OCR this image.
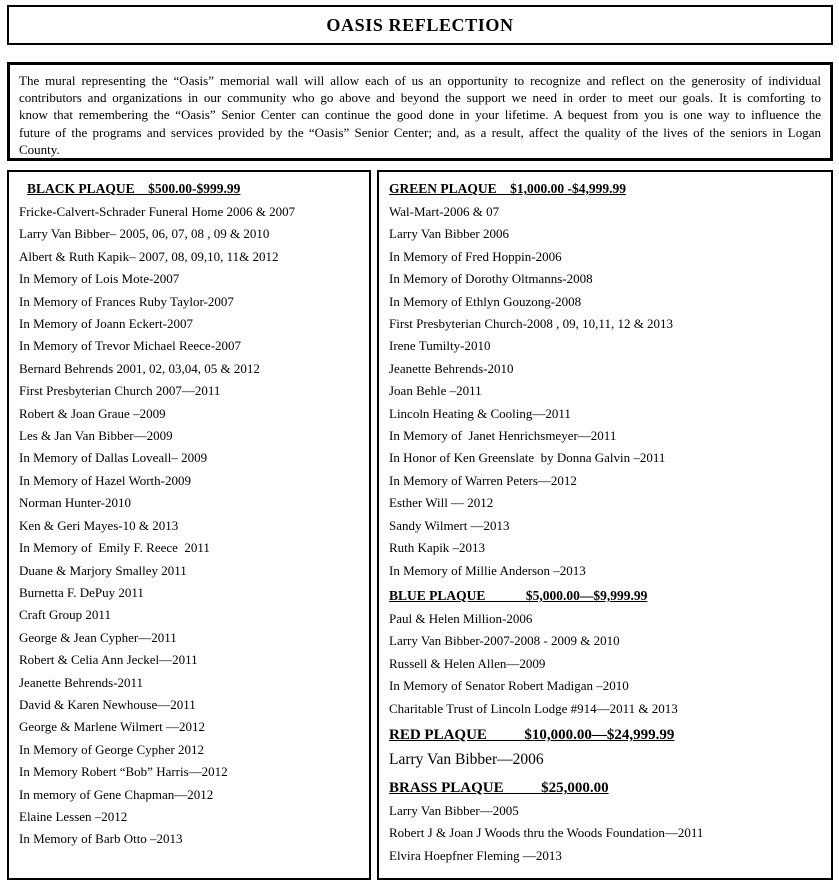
OASIS REFLECTION

The mural representing the “Oasis” memorial wall will allow each of us an opportunity to recognize and reflect on the generosity of individual contributors and organizations in our community who go above and beyond the support we need in order to meet our goals. It is comforting to know that remembering the “Oasis” Senior Center can continue the good done in your lifetime. A bequest from you is one way to influence the future of the programs and services provided by the “Oasis” Senior Center; and, as a result, affect the quality of the lives of the seniors in Logan County.

BLACK PLAQUE    $500.00-$999.99
Fricke-Calvert-Schrader Funeral Home 2006 & 2007
Larry Van Bibber– 2005, 06, 07, 08 , 09 & 2010
Albert & Ruth Kapik– 2007, 08, 09,10, 11& 2012
In Memory of Lois Mote-2007
In Memory of Frances Ruby Taylor-2007
In Memory of Joann Eckert-2007
In Memory of Trevor Michael Reece-2007
Bernard Behrends 2001, 02, 03,04, 05 & 2012
First Presbyterian Church 2007—2011
Robert & Joan Graue –2009
Les & Jan Van Bibber—2009
In Memory of Dallas Loveall– 2009
In Memory of Hazel Worth-2009
Norman Hunter-2010
Ken & Geri Mayes-10 & 2013
In Memory of  Emily F. Reece  2011
Duane & Marjory Smalley 2011
Burnetta F. DePuy 2011
Craft Group 2011
George & Jean Cypher—2011
Robert & Celia Ann Jeckel—2011
Jeanette Behrends-2011
David & Karen Newhouse—2011
George & Marlene Wilmert —2012
In Memory of George Cypher 2012
In Memory Robert “Bob” Harris—2012
In memory of Gene Chapman—2012
Elaine Lessen –2012
In Memory of Barb Otto –2013
GREEN PLAQUE    $1,000.00 -$4,999.99
Wal-Mart-2006 & 07
Larry Van Bibber 2006
In Memory of Fred Hoppin-2006
In Memory of Dorothy Oltmanns-2008
In Memory of Ethlyn Gouzong-2008
First Presbyterian Church-2008 , 09, 10,11, 12 & 2013
Irene Tumilty-2010
Jeanette Behrends-2010
Joan Behle –2011
Lincoln Heating & Cooling—2011
In Memory of  Janet Henrichsmeyer—2011
In Honor of Ken Greenslate  by Donna Galvin –2011
In Memory of Warren Peters—2012
Esther Will — 2012
Sandy Wilmert —2013
Ruth Kapik –2013
In Memory of Millie Anderson –2013
BLUE PLAQUE            $5,000.00—$9,999.99
Paul & Helen Million-2006
Larry Van Bibber-2007-2008 - 2009 & 2010
Russell & Helen Allen—2009
In Memory of Senator Robert Madigan –2010
Charitable Trust of Lincoln Lodge #914—2011 & 2013
RED PLAQUE          $10,000.00—$24,999.99
Larry Van Bibber—2006
BRASS PLAQUE          $25,000.00
Larry Van Bibber—2005
Robert J & Joan J Woods thru the Woods Foundation—2011
Elvira Hoepfner Fleming —2013
